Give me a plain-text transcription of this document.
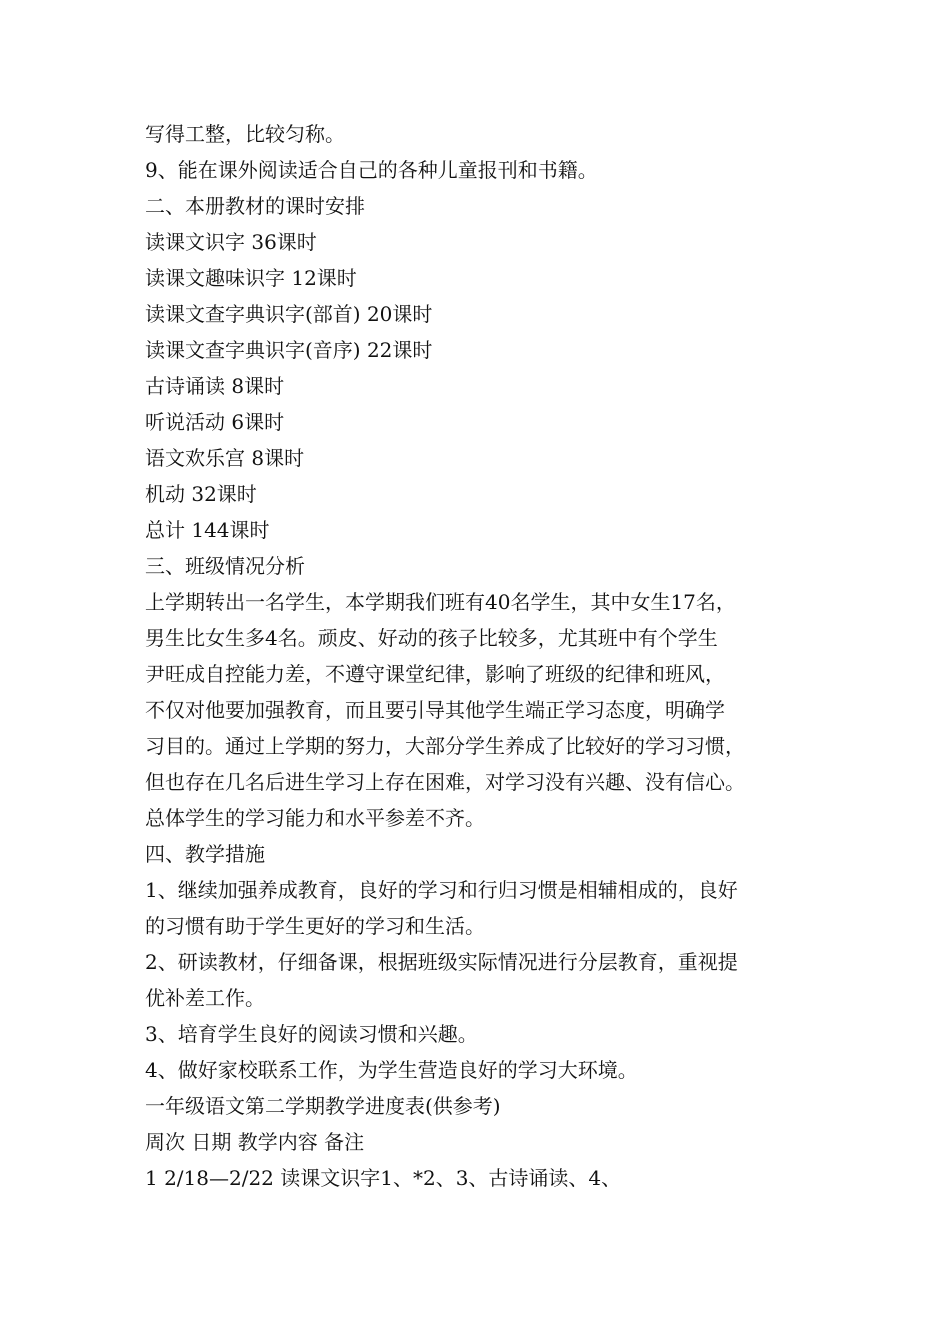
写得工整，比较匀称。
9、能在课外阅读适合自己的各种儿童报刊和书籍。
二、本册教材的课时安排
读课文识字 36课时
读课文趣味识字 12课时
读课文查字典识字(部首) 20课时
读课文查字典识字(音序) 22课时
古诗诵读 8课时
听说活动 6课时
语文欢乐宫 8课时
机动 32课时
总计 144课时
三、班级情况分析
上学期转出一名学生，本学期我们班有40名学生，其中女生17名，
男生比女生多4名。顽皮、好动的孩子比较多，尤其班中有个学生
尹旺成自控能力差，不遵守课堂纪律，影响了班级的纪律和班风，
不仅对他要加强教育，而且要引导其他学生端正学习态度，明确学
习目的。通过上学期的努力，大部分学生养成了比较好的学习习惯，
但也存在几名后进生学习上存在困难，对学习没有兴趣、没有信心。
总体学生的学习能力和水平参差不齐。
四、教学措施
1、继续加强养成教育，良好的学习和行归习惯是相辅相成的，良好
的习惯有助于学生更好的学习和生活。
2、研读教材，仔细备课，根据班级实际情况进行分层教育，重视提
优补差工作。
3、培育学生良好的阅读习惯和兴趣。
4、做好家校联系工作，为学生营造良好的学习大环境。
一年级语文第二学期教学进度表(供参考)
周次 日期 教学内容 备注
1 2/18—2/22 读课文识字1、*2、3、古诗诵读、4、
